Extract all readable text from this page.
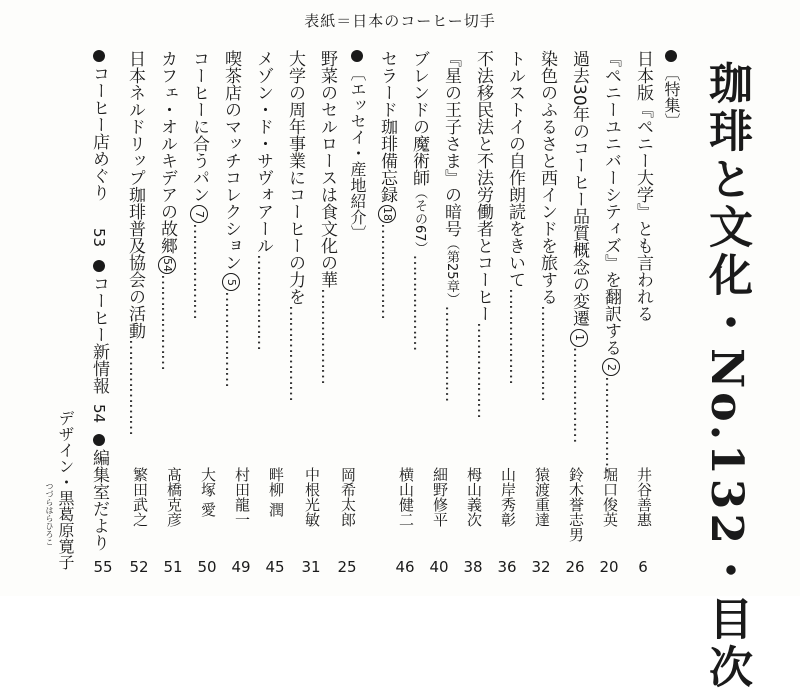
表紙＝日本のコーヒー切手
珈琲と文化・No.132・目次
〔特集〕
日本版『ペニー大学』とも言われる
『ペニーユニバーシティズ』を翻訳する2………………
井谷善惠
6
過去30年のコーヒー品質概念の変遷1………………
堀口俊英
20
染色のふるさと西インドを旅する………………
鈴木誉志男
26
トルストイの自作朗読をきいて………………
猿渡重達
32
不法移民法と不法労働者とコーヒー………………
山岸秀彰
36
『星の王子さま』の暗号（第25章）………………
栂山義次
38
ブレンドの魔術師（その67）………………
細野修平
40
セラード珈琲備忘録18………………
横山健二
46
〔エッセイ・産地紹介〕
野菜のセルロースは食文化の華………………
岡希太郎
25
大学の周年事業にコーヒーの力を………………
中根光敏
31
メゾン・ド・サヴォアール………………
畔柳 潤
45
喫茶店のマッチコレクション5………………
村田龍一
49
コーヒーに合うパン7………………
大塚 愛
50
カフェ・オルキデアの故郷54………………
髙橋克彦
51
日本ネルドリップ珈琲普及協会の活動………………
繁田武之
52
コーヒー店めぐり
53
コーヒー新情報
54
編集室だより
55
デザイン・黒葛原寛子
つづらはらひろこ
